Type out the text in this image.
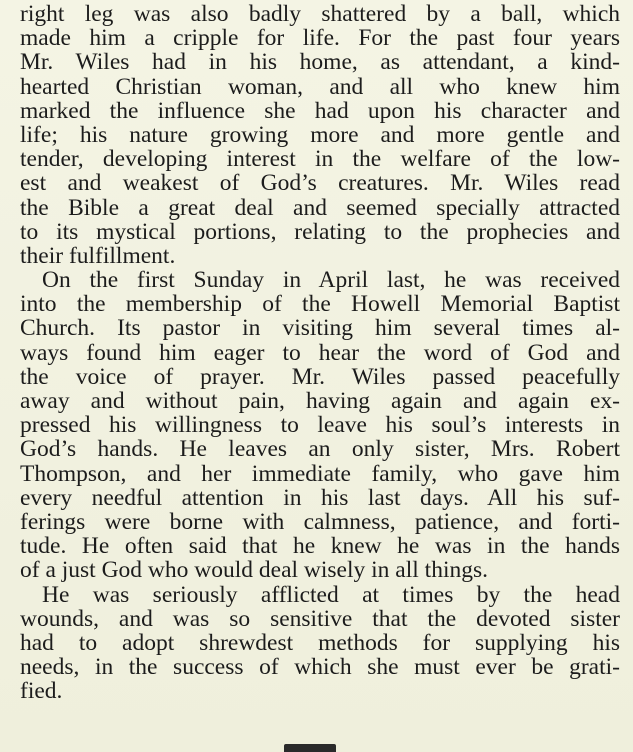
right leg was also badly shattered by a ball, which
made him a cripple for life. For the past four years
Mr. Wiles had in his home, as attendant, a kind-
hearted Christian woman, and all who knew him
marked the influence she had upon his character and
life; his nature growing more and more gentle and
tender, developing interest in the welfare of the low-
est and weakest of God’s creatures. Mr. Wiles read
the Bible a great deal and seemed specially attracted
to its mystical portions, relating to the prophecies and
their fulfillment.
On the first Sunday in April last, he was received
into the membership of the Howell Memorial Baptist
Church. Its pastor in visiting him several times al-
ways found him eager to hear the word of God and
the voice of prayer. Mr. Wiles passed peacefully
away and without pain, having again and again ex-
pressed his willingness to leave his soul’s interests in
God’s hands. He leaves an only sister, Mrs. Robert
Thompson, and her immediate family, who gave him
every needful attention in his last days. All his suf-
ferings were borne with calmness, patience, and forti-
tude. He often said that he knew he was in the hands
of a just God who would deal wisely in all things.
He was seriously afflicted at times by the head
wounds, and was so sensitive that the devoted sister
had to adopt shrewdest methods for supplying his
needs, in the success of which she must ever be grati-
fied.
